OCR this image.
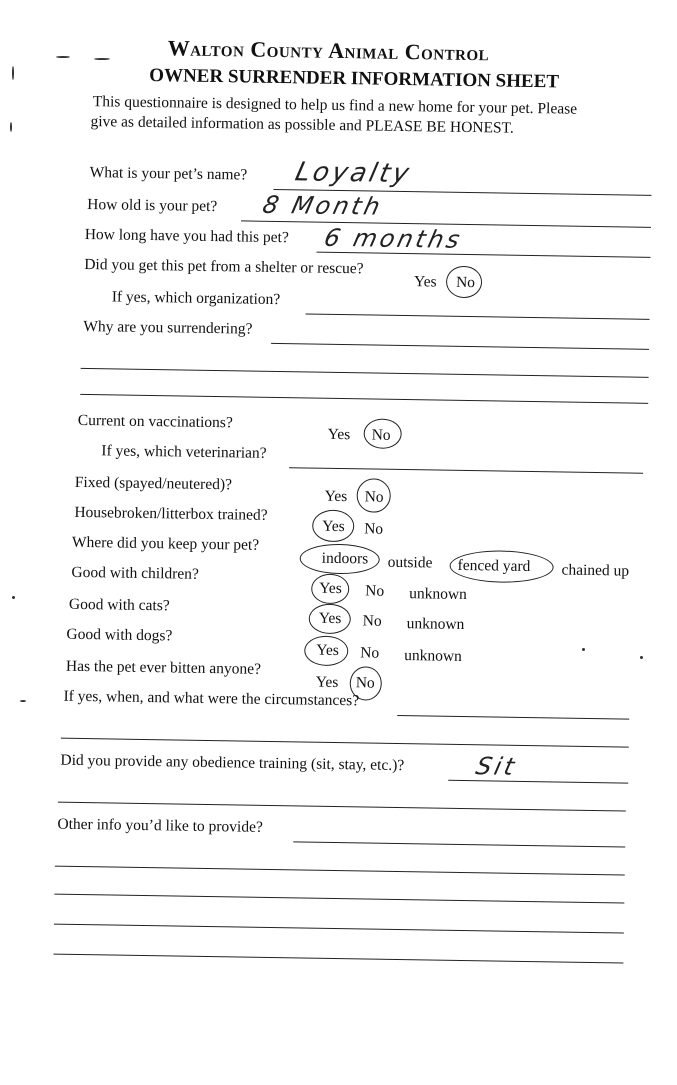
Walton County Animal Control
OWNER SURRENDER INFORMATION SHEET
This questionnaire is designed to help us find a new home for your pet. Please
give as detailed information as possible and PLEASE BE HONEST.
What is your pet’s name? Loyalty
How old is your pet? 8 Month
How long have you had this pet? 6 months
Did you get this pet from a shelter or rescue?
Yes No
If yes, which organization?
Why are you surrendering?
Current on vaccinations?
Yes No
If yes, which veterinarian?
Fixed (spayed/neutered)?
Yes No
Housebroken/litterbox trained?
Yes No
Where did you keep your pet?
indoors outside fenced yard chained up
Good with children?
Yes No unknown
Good with cats?
Yes No unknown
Good with dogs?
Yes No unknown
Has the pet ever bitten anyone?
Yes No
If yes, when, and what were the circumstances?
Did you provide any obedience training (sit, stay, etc.)?	Sit
Other info you’d like to provide?
